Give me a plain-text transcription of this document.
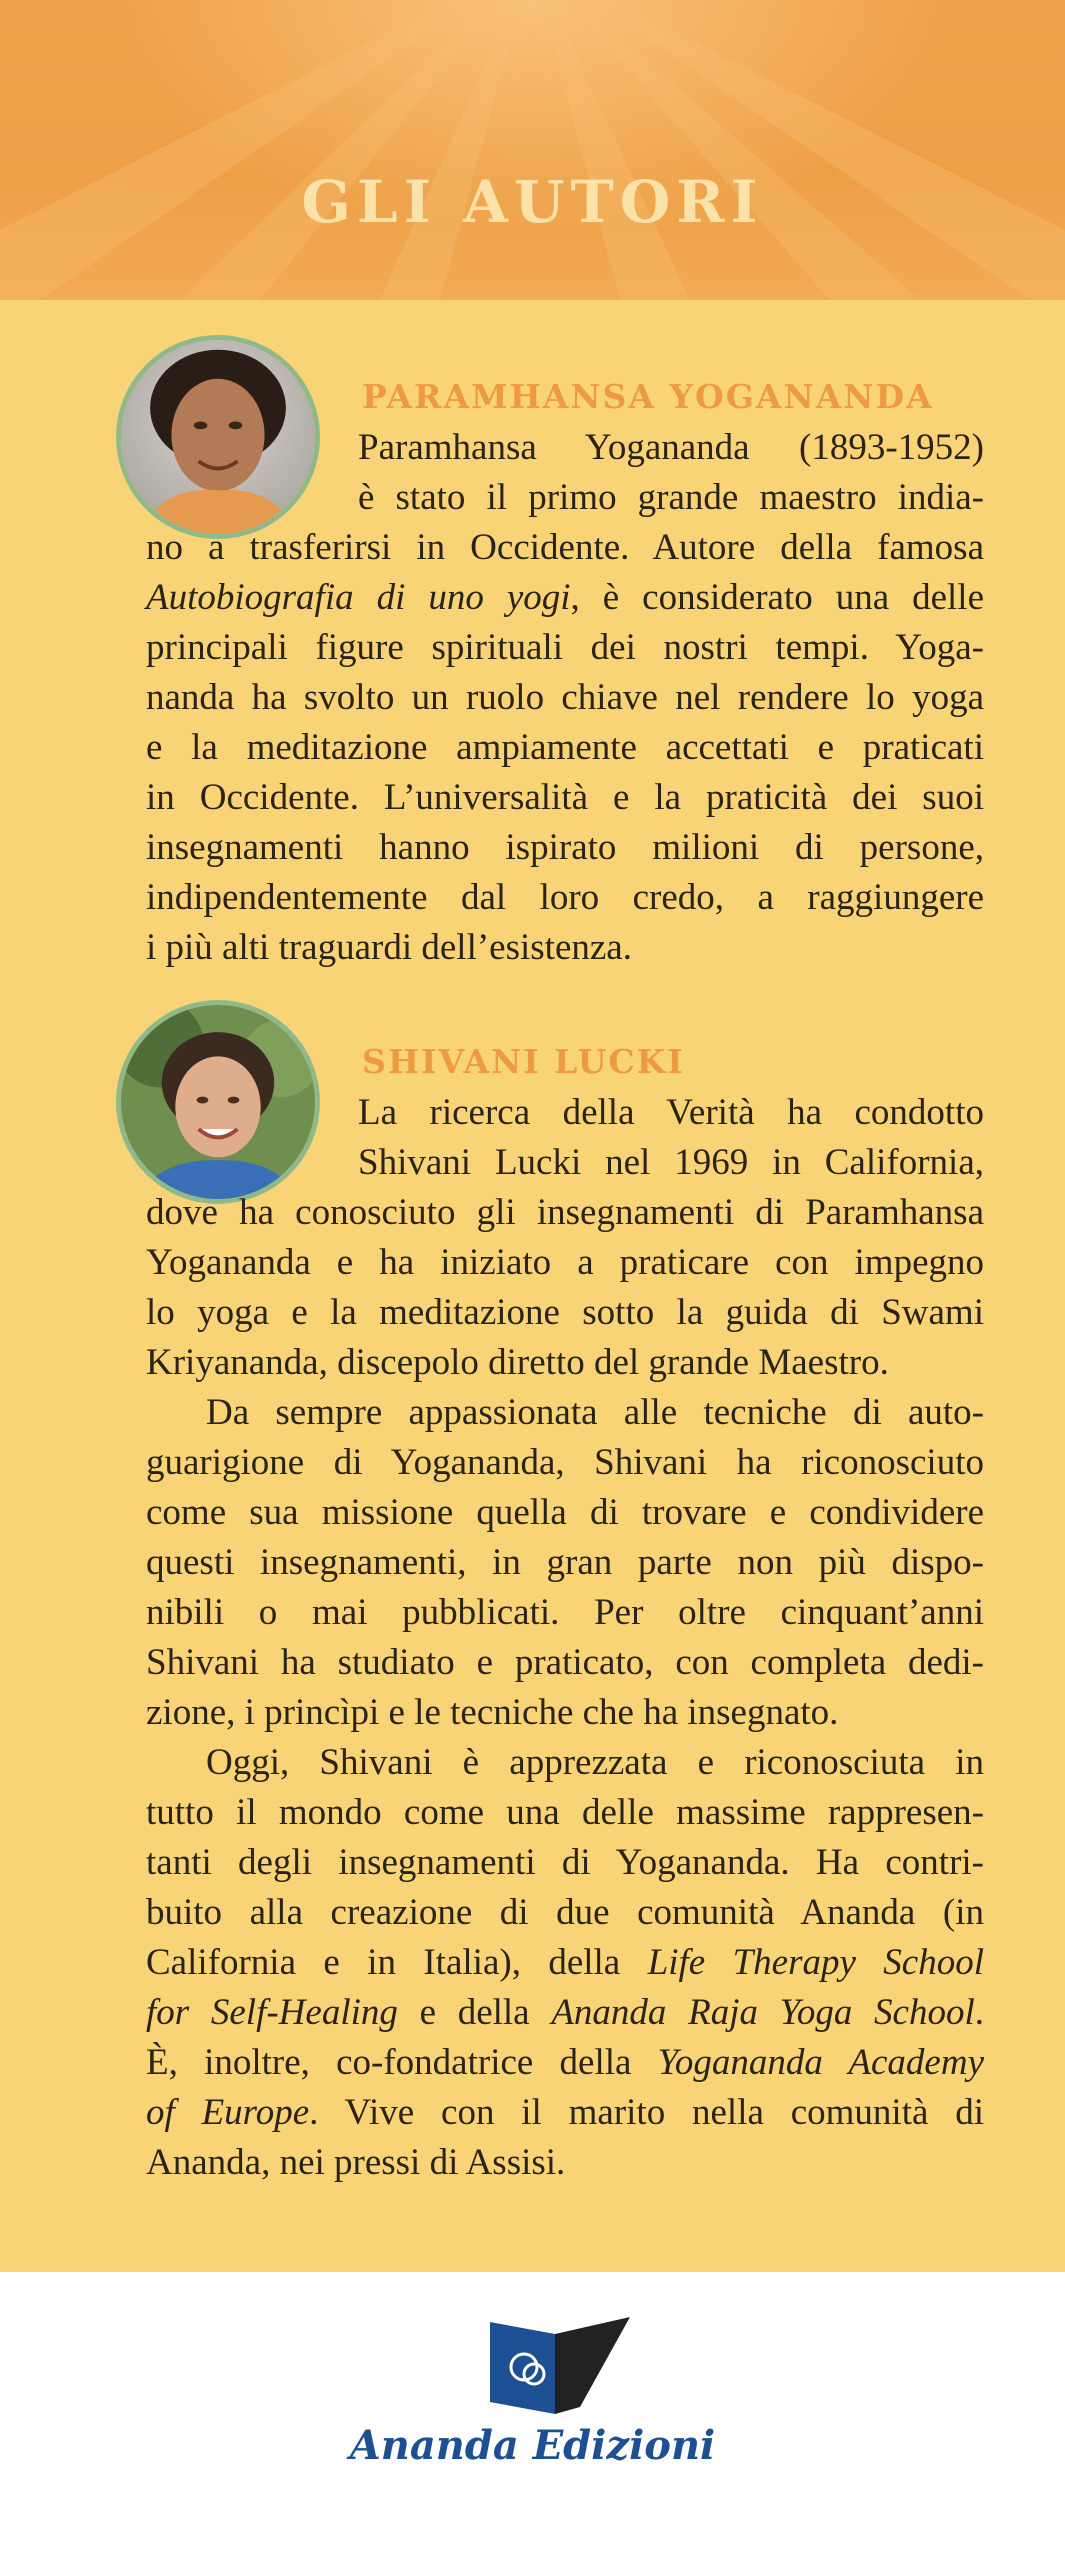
GLI AUTORI
PARAMHANSA YOGANANDA
Paramhansa Yogananda (1893-1952)
è stato il primo grande maestro india-
no a trasferirsi in Occidente. Autore della famosa
Autobiografia di uno yogi, è considerato una delle
principali figure spirituali dei nostri tempi. Yoga-
nanda ha svolto un ruolo chiave nel rendere lo yoga
e la meditazione ampiamente accettati e praticati
in Occidente. L’universalità e la praticità dei suoi
insegnamenti hanno ispirato milioni di persone,
indipendentemente dal loro credo, a raggiungere
i più alti traguardi dell’esistenza.
SHIVANI LUCKI
La ricerca della Verità ha condotto
Shivani Lucki nel 1969 in California,
dove ha conosciuto gli insegnamenti di Paramhansa
Yogananda e ha iniziato a praticare con impegno
lo yoga e la meditazione sotto la guida di Swami
Kriyananda, discepolo diretto del grande Maestro.
Da sempre appassionata alle tecniche di auto-
guarigione di Yogananda, Shivani ha riconosciuto
come sua missione quella di trovare e condividere
questi insegnamenti, in gran parte non più dispo-
nibili o mai pubblicati. Per oltre cinquant’anni
Shivani ha studiato e praticato, con completa dedi-
zione, i princìpi e le tecniche che ha insegnato.
Oggi, Shivani è apprezzata e riconosciuta in
tutto il mondo come una delle massime rappresen-
tanti degli insegnamenti di Yogananda. Ha contri-
buito alla creazione di due comunità Ananda (in
California e in Italia), della Life Therapy School
for Self-Healing e della Ananda Raja Yoga School.
È, inoltre, co-fondatrice della Yogananda Academy
of Europe. Vive con il marito nella comunità di
Ananda, nei pressi di Assisi.
Ananda Edizioni
